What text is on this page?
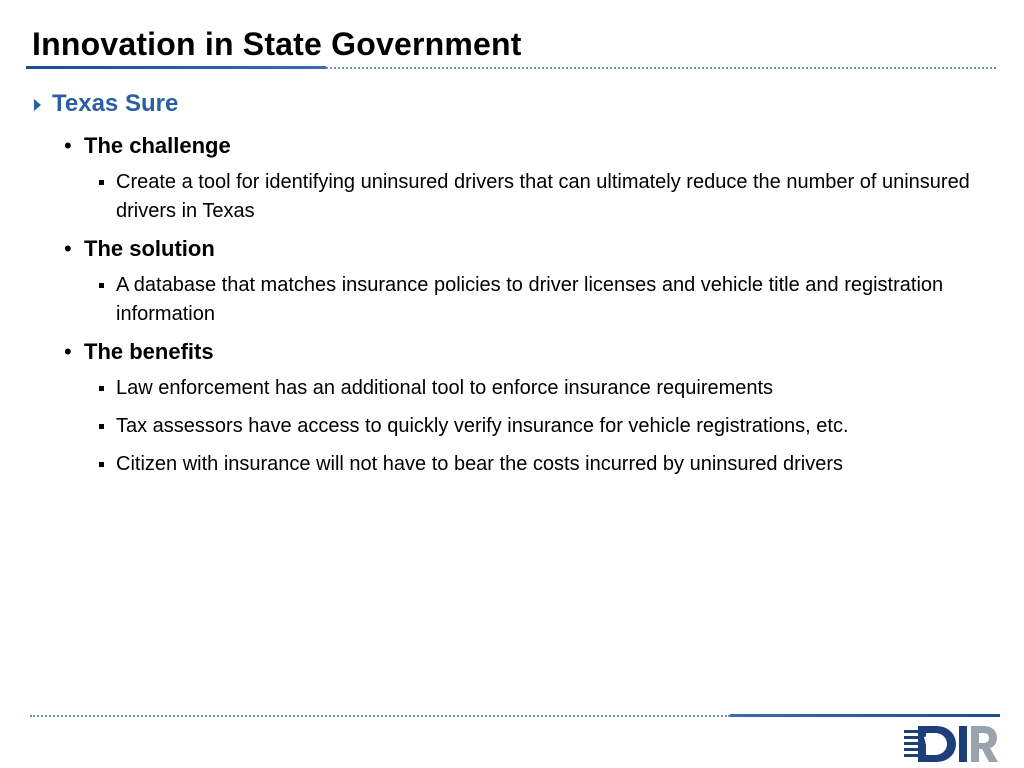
Innovation in State Government
Texas Sure
• The challenge
Create a tool for identifying uninsured drivers that can ultimately reduce the number of uninsured drivers in Texas
• The solution
A database that matches insurance policies to driver licenses and vehicle title and registration information
• The benefits
Law enforcement has an additional tool to enforce insurance requirements
Tax assessors have access to quickly verify insurance for vehicle registrations, etc.
Citizen with insurance will not have to bear the costs incurred by uninsured drivers
